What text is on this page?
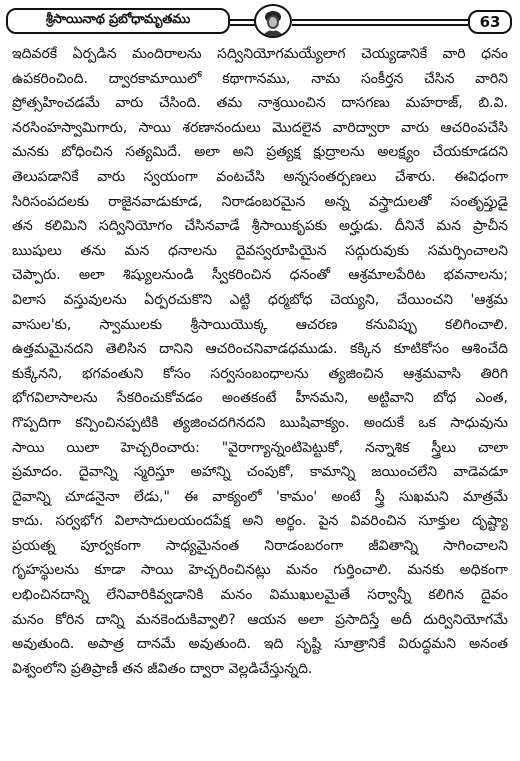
శ్రీసాయినాథ ప్రబోధామృతము	63
ఇదివరకే ఏర్పడిన మందిరాలను సద్వినియోగమయ్యేలాగ చెయ్యడానికే వారి ధనం
ఉపకరించింది. ద్వారకామాయిలో కథాగానము, నామ సంకీర్తన చేసిన వారిని
ప్రోత్సహించడమే వారు చేసింది. తమ నాశ్రయించిన దాసగణు మహరాజ్, బి.వి.
నరసింహస్వామిగారు, సాయి శరణానందులు మొదలైన వారిద్వారా వారు ఆచరింపచేసి
మనకు బోధించిన సత్యమిదే. అలా అని ప్రత్యక్ష క్షుద్రాలను అలక్ష్యం చేయకూడదని
తెలుపడానికే వారు స్వయంగా వంటచేసి అన్నసంతర్పణలు చేశారు. ఈవిధంగా
సిరిసంపదలకు రాజైనవాడుకూడ, నిరాడంబరమైన అన్న వస్త్రాదులతో సంతృప్తుడై
తన కలిమిని సద్వినియోగం చేసినవాడే శ్రీసాయికృపకు అర్హుడు. దీనినే మన ప్రాచీన
ఋషులు తను మన ధనాలను దైవస్వరూపియైన సద్గురువుకు సమర్పించాలని
చెప్పారు. అలా శిష్యులనుండి స్వీకరించిన ధనంతో ఆశ్రమాలపేరిట భవనాలను;
విలాస వస్తువులను ఏర్పరచుకొని ఎట్టి ధర్మబోధ చెయ్యని, చేయించని 'ఆశ్రమ
వాసుల'కు, స్వాములకు శ్రీసాయియొక్క ఆచరణ కనువిప్పు కలిగించాలి.
ఉత్తమమైనదని తెలిసిన దానిని ఆచరించనివాడధముడు. కక్కిన కూటికోసం ఆశించేది
కుక్కేనని, భగవంతుని కోసం సర్వసంబంధాలను త్యజించిన ఆశ్రమవాసి తిరిగి
భోగవిలాసాలను సేకరించుకోవడం అంతకంటే హీనమని, అట్టివాని బోధ ఎంత,
గొప్పదిగా కన్పించినప్పటికి త్యజించదగినదని ఋషివాక్యం. అందుకే ఒక సాధువును
సాయి యిలా హెచ్చరించారు: "వైరాగ్యాన్నంటిపెట్టుకో, నన్నాశిక స్త్రీలు చాలా
ప్రమాదం. దైవాన్ని స్మరిస్తూ అహాన్ని చంపుకో, కామాన్ని జయించలేని వాడెవడూ
దైవాన్ని చూడనైనా లేడు," ఈ వాక్యంలో 'కామం' అంటే స్త్రీ సుఖమని మాత్రమే
కాదు. సర్వభోగ విలాసాదులయందపేక్ష అని అర్థం. పైన వివరించిన సూక్తుల దృష్ట్యా
ప్రయత్న పూర్వకంగా సాధ్యమైనంత నిరాడంబరంగా జీవితాన్ని సాగించాలని
గృహస్థులను కూడా సాయి హెచ్చరించినట్లు మనం గుర్తించాలి. మనకు అధికంగా
లభించినదాన్ని లేనివారికివ్వడానికి మనం విముఖులమైతే సర్వాన్నీ కలిగిన దైవం
మనం కోరిన దాన్ని మనకెందుకివ్వాలి? ఆయన అలా ప్రసాదిస్తే అదీ దుర్వినియోగమే
అవుతుంది. అపాత్ర దానమే అవుతుంది. ఇది సృష్టి సూత్రానికే విరుద్ధమని అనంత
విశ్వంలోని ప్రతిప్రాణీ తన జీవితం ద్వారా వెల్లడిచేస్తున్నది.
